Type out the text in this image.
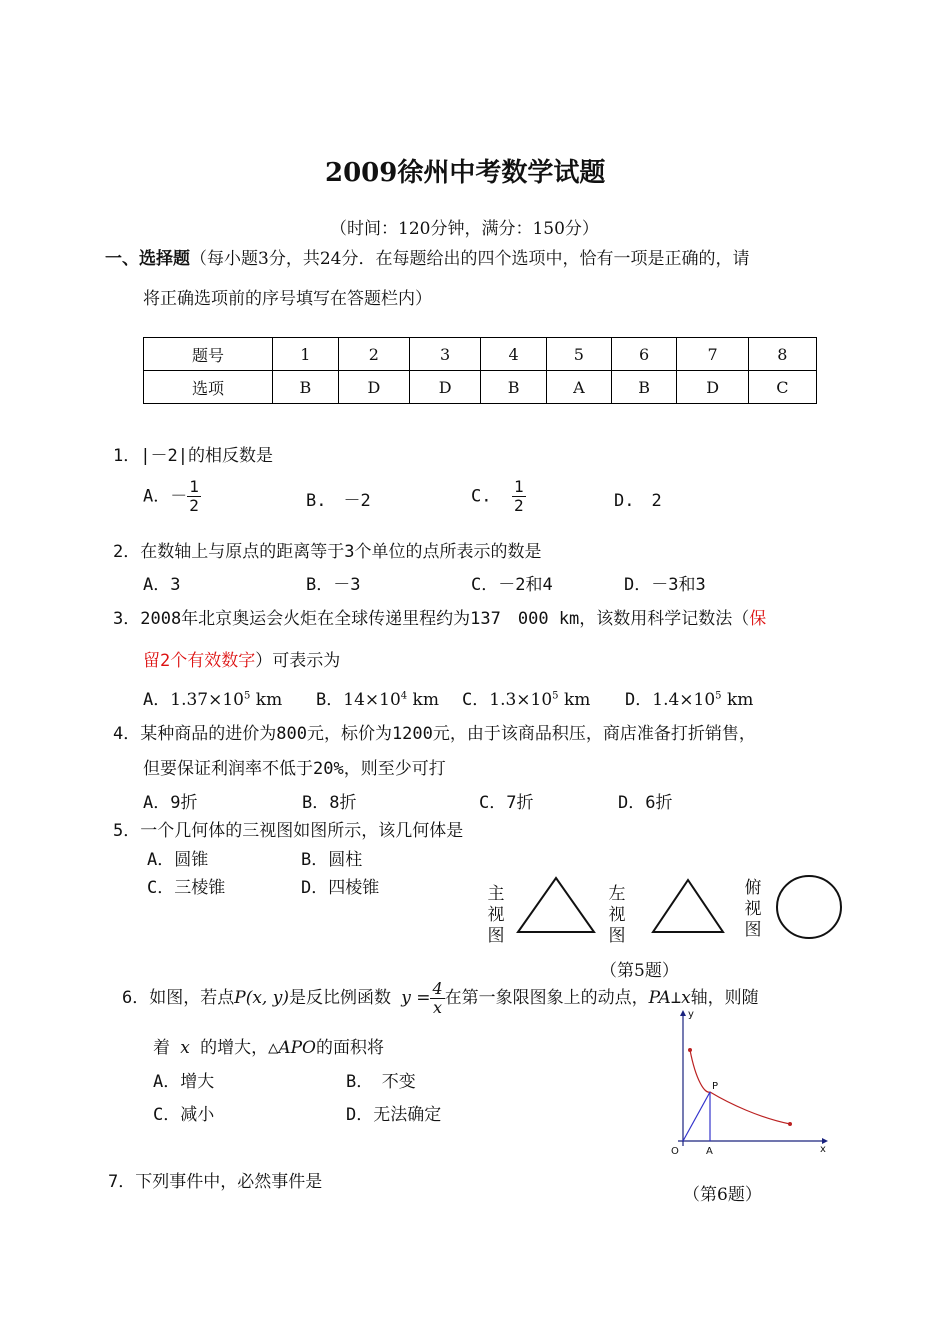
2009徐州中考数学试题
（时间：120分钟，满分：150分）
一、选择题（每小题3分，共24分．在每题给出的四个选项中，恰有一项是正确的，请
将正确选项前的序号填写在答题栏内）
题号	1	2	3	4	5	6	7	8
选项	B	D	D	B	A	B	D	C
1．|－2|的相反数是
A．－ $\frac{1}{2}$	B.　－2	C. $\frac{1}{2}$	D.　2
2．在数轴上与原点的距离等于3个单位的点所表示的数是
A．3	B．－3	C．－2和4	D．－3和3
3．2008年北京奥运会火炬在全球传递里程约为137　000 km，该数用科学记数法（保
留2个有效数字）可表示为
A．$1.37\times 10^5$ km B．$14\times 10^4$ km C．$1.3\times 10^5$ km D．$1.4\times 10^5$ km
4．某种商品的进价为800元，标价为1200元，由于该商品积压，商店准备打折销售，
但要保证利润率不低于20%，则至少可打
A．9折	B．8折	C．7折	D．6折
5．一个几何体的三视图如图所示，该几何体是
A．圆锥	B．圆柱
C．三棱锥	D．四棱锥	主视图
左视图
俯视图
（第5题）
6．如图，若点P(x, y)是反比例函数 $y = \frac{4}{x}$ 在第一象限图象上的动点，PA⊥x轴，则随
着 x 的增大，△APO的面积将
A．增大	B．　不变
C．减小	D．无法确定
y
x
O	A
P
7．下列事件中，必然事件是
（第6题）
